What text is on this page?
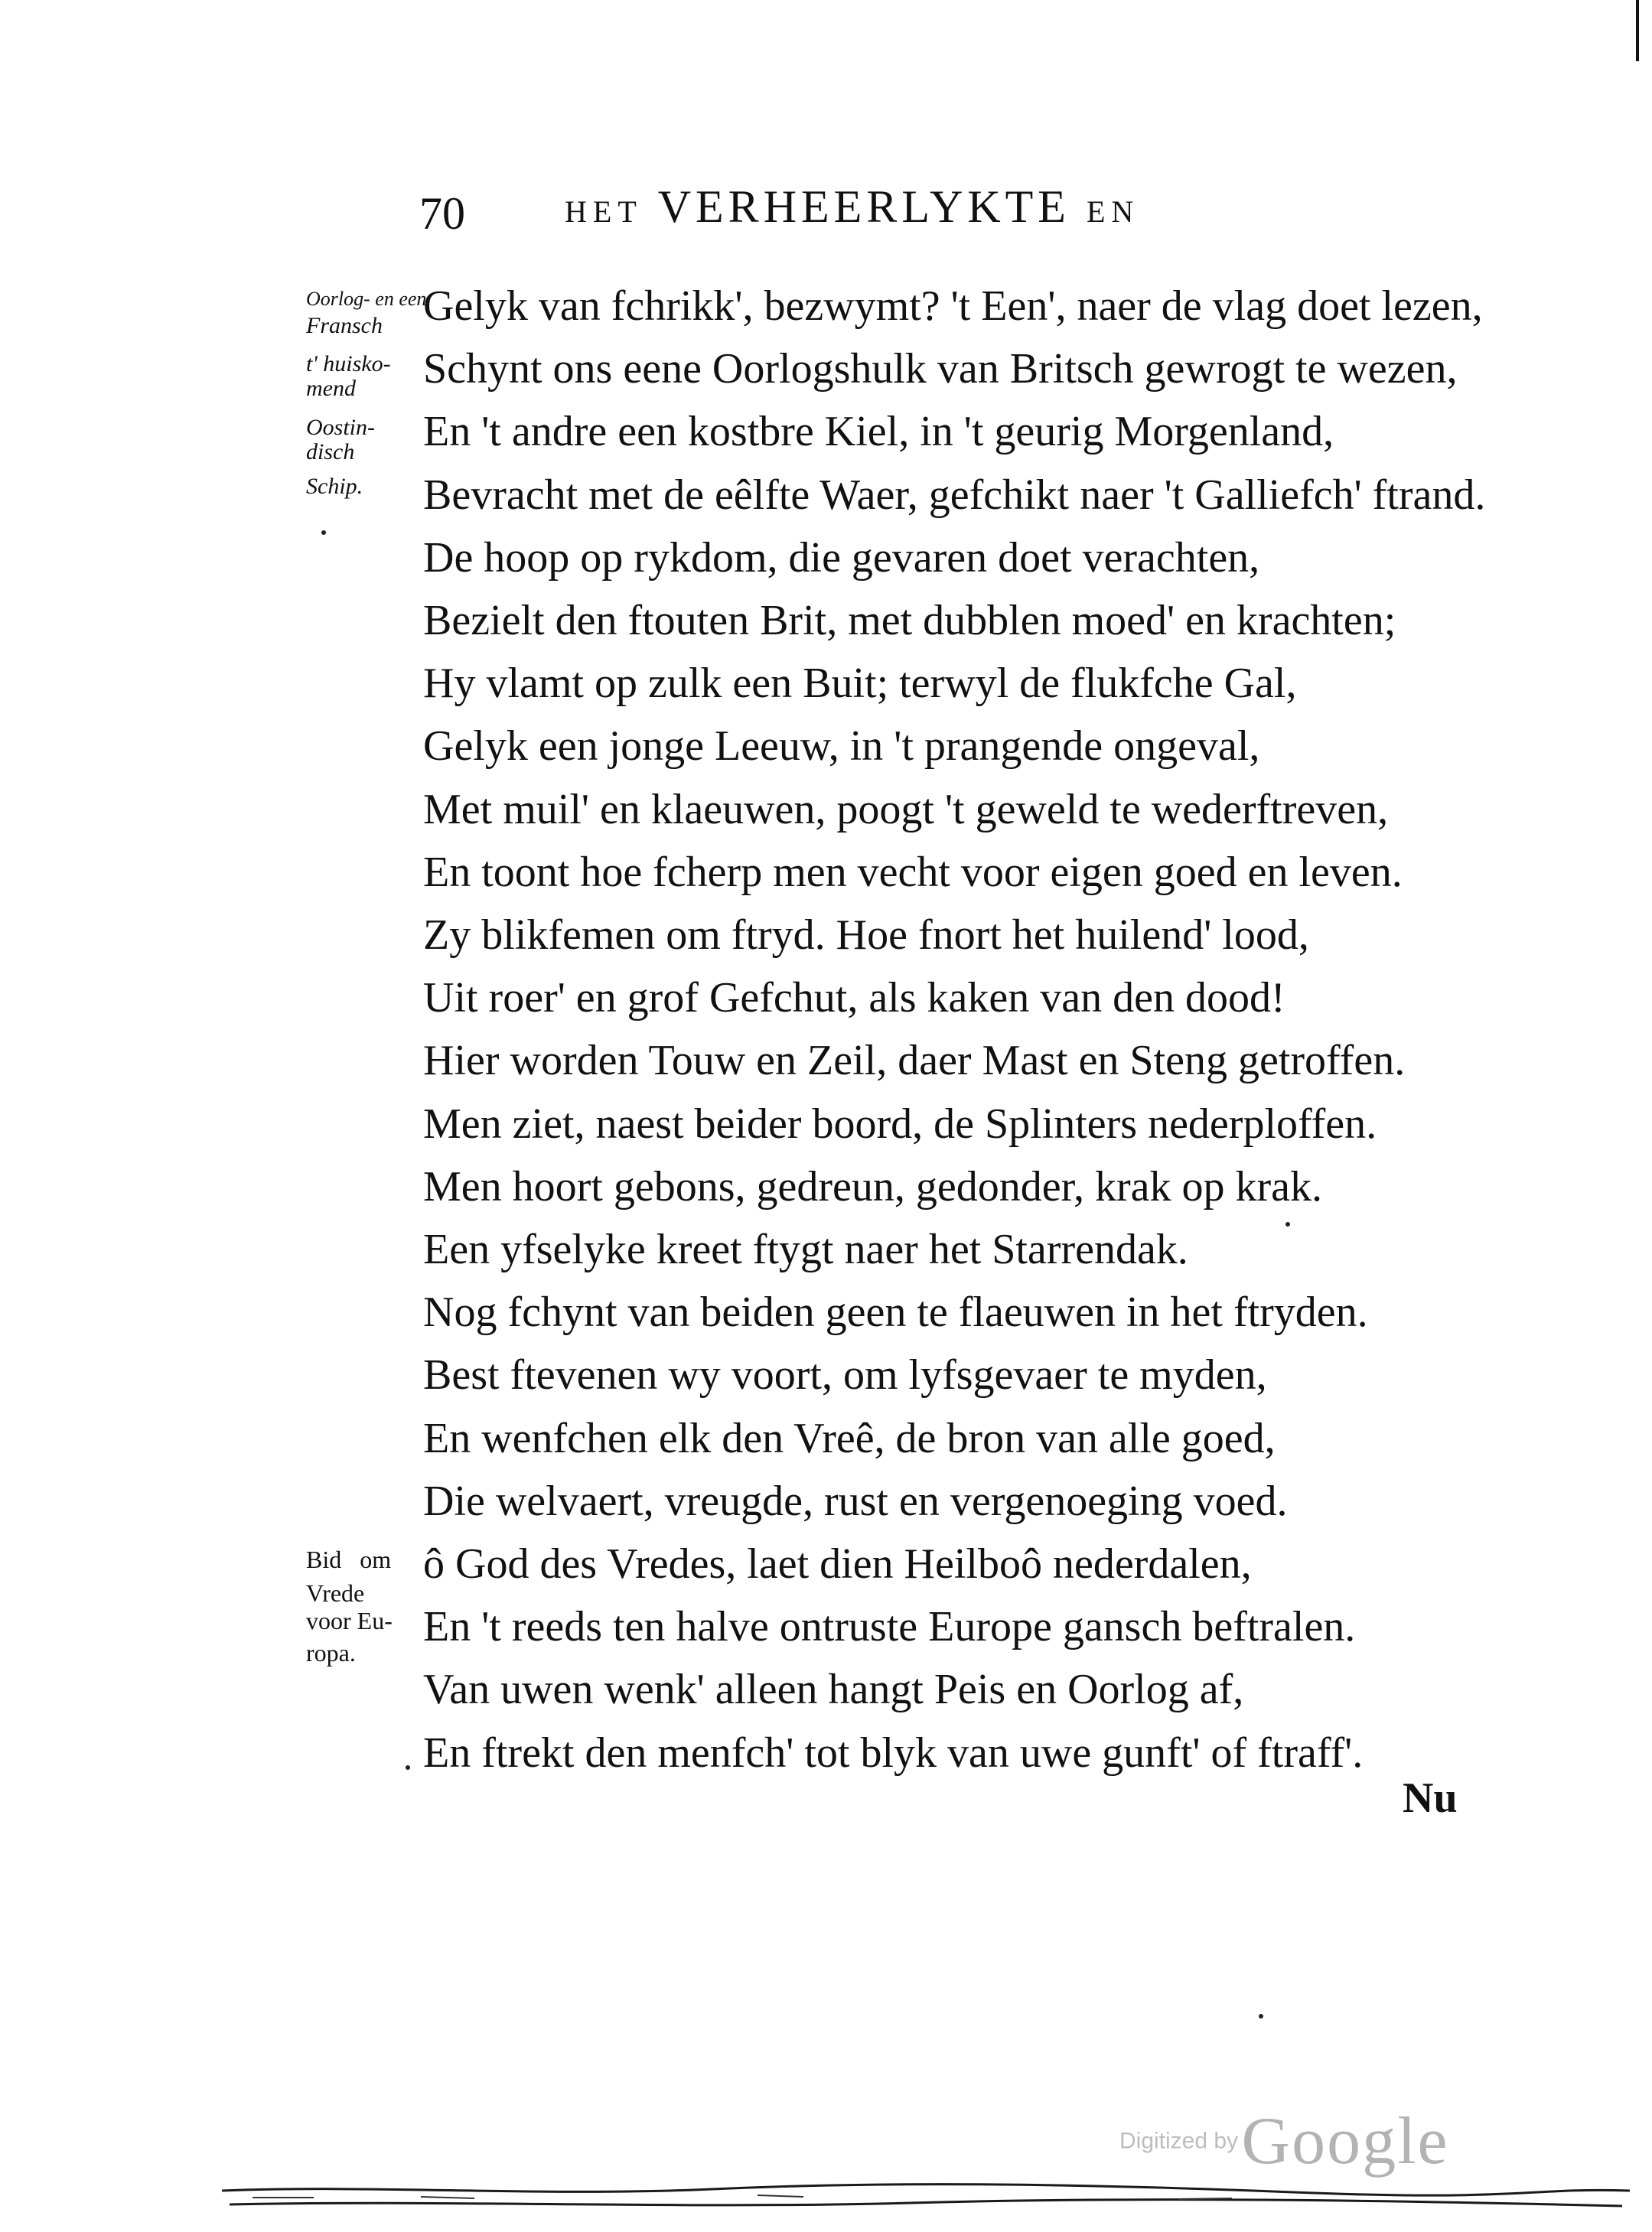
70	HET VERHEERLYKTE EN
Oorlog- en een
Fransch
t' huisko-
mend
Oostin-
disch
Schip.
Bid   om
Vrede
voor Eu-
ropa.
Gelyk van fchrikk', bezwymt? 't Een', naer de vlag doet lezen,
Schynt ons eene Oorlogshulk van Britsch gewrogt te wezen,
En 't andre een kostbre Kiel, in 't geurig Morgenland,
Bevracht met de eêlfte Waer, gefchikt naer 't Galliefch' ftrand.
De hoop op rykdom, die gevaren doet verachten,
Bezielt den ftouten Brit, met dubblen moed' en krachten;
Hy vlamt op zulk een Buit; terwyl de flukfche Gal,
Gelyk een jonge Leeuw, in 't prangende ongeval,
Met muil' en klaeuwen, poogt 't geweld te wederftreven,
En toont hoe fcherp men vecht voor eigen goed en leven.
Zy blikfemen om ftryd. Hoe fnort het huilend' lood,
Uit roer' en grof Gefchut, als kaken van den dood!
Hier worden Touw en Zeil, daer Mast en Steng getroffen.
Men ziet, naest beider boord, de Splinters nederploffen.
Men hoort gebons, gedreun, gedonder, krak op krak.
Een yfselyke kreet ftygt naer het Starrendak.
Nog fchynt van beiden geen te flaeuwen in het ftryden.
Best ftevenen wy voort, om lyfsgevaer te myden,
En wenfchen elk den Vreê, de bron van alle goed,
Die welvaert, vreugde, rust en vergenoeging voed.
ô God des Vredes, laet dien Heilboô nederdalen,
En 't reeds ten halve ontruste Europe gansch beftralen.
Van uwen wenk' alleen hangt Peis en Oorlog af,
En ftrekt den menfch' tot blyk van uwe gunft' of ftraff'.
Nu
Digitized by Google
